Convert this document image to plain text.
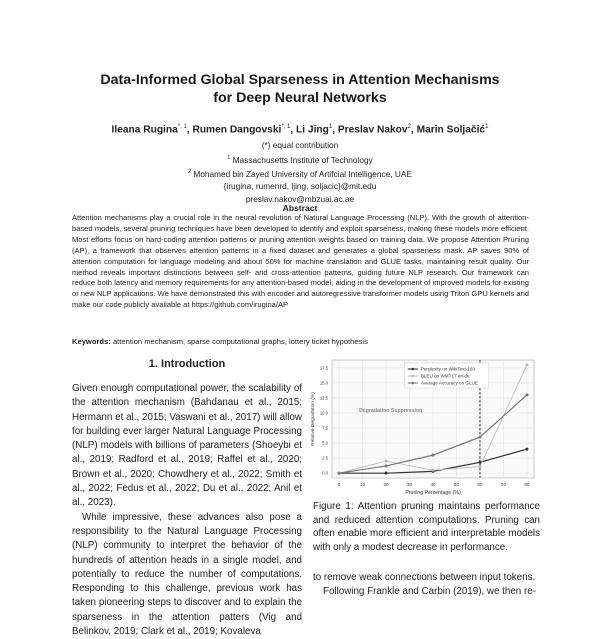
Data-Informed Global Sparseness in Attention Mechanisms
for Deep Neural Networks
Ileana Rugina$^{*, 1}$, Rumen Dangovski$^{*, 1}$, Li Jing$^1$, Preslav Nakov$^2$, Marin Soljačić$^1$
(*) equal contribution
$^1$ Massachusetts Institute of Technology
$^2$ Mohamed bin Zayed University of Artifcial Intelligence, UAE
{irugina, rumenrd, ljing, soljacic}@mit.edu
preslav.nakov@mbzuai.ac.ae
Abstract
Attention mechanisms play a crucial role in the neural revolution of Natural Language Processing (NLP). With the growth of attention-based models, several pruning techniques have been developed to identify and exploit sparseness, making these models more efficient. Most efforts focus on hard-coding attention patterns or pruning attention weights based on training data. We propose Attention Pruning (AP), a framework that observes attention patterns in a fixed dataset and generates a global sparseness mask. AP saves 90% of attention computation for language modeling and about 50% for machine translation and GLUE tasks, maintaining result quality. Our method reveals important distinctions between self- and cross-attention patterns, guiding future NLP research. Our framework can reduce both latency and memory requirements for any attention-based model, aiding in the development of improved models for existing or new NLP applications. We have demonstrated this with encoder and autoregressive transformer models using Triton GPU kernels and make our code publicly available at https://github.com/irugina/AP
Keywords: attention mechanism, sparse computational graphs, lottery ticket hypothesis
1. Introduction

Given enough computational power, the scalability of the attention mechanism (Bahdanau et al., 2015; Hermann et al., 2015; Vaswani et al., 2017) will allow for building ever larger Natural Language Processing (NLP) models with billions of parameters (Shoeybi et al., 2019; Radford et al., 2019; Raffel et al., 2020; Brown et al., 2020; Chowdhery et al., 2022; Smith et al., 2022; Fedus et al., 2022; Du et al., 2022; Anil et al., 2023).

While impressive, these advances also pose a responsibility to the Natural Language Processing (NLP) community to interpret the behavior of the hundreds of attention heads in a single model, and potentially to reduce the number of computations. Responding to this challenge, previous work has taken pioneering steps to discover and to explain the sparseness in the attention patters (Vig and Belinkov, 2019; Clark et al., 2019; Kovaleva

0	10	20	30	40	50	60	70	80
0.0
2.5
5.0
7.5
10.0
12.5
15.0
17.5
Pruning Percentage (%)
Relative Degradation (%)	Degradation Suppression
Perplexity on WikiText-103
BLEU on WMT17 en-de
Average Accuracy on GLUE
Figure 1: Attention pruning maintains performance and reduced attention computations. Pruning can often enable more efficient and interpretable models with only a modest decrease in performance.

to remove weak connections between input tokens.

Following Frankle and Carbin (2019), we then re-
